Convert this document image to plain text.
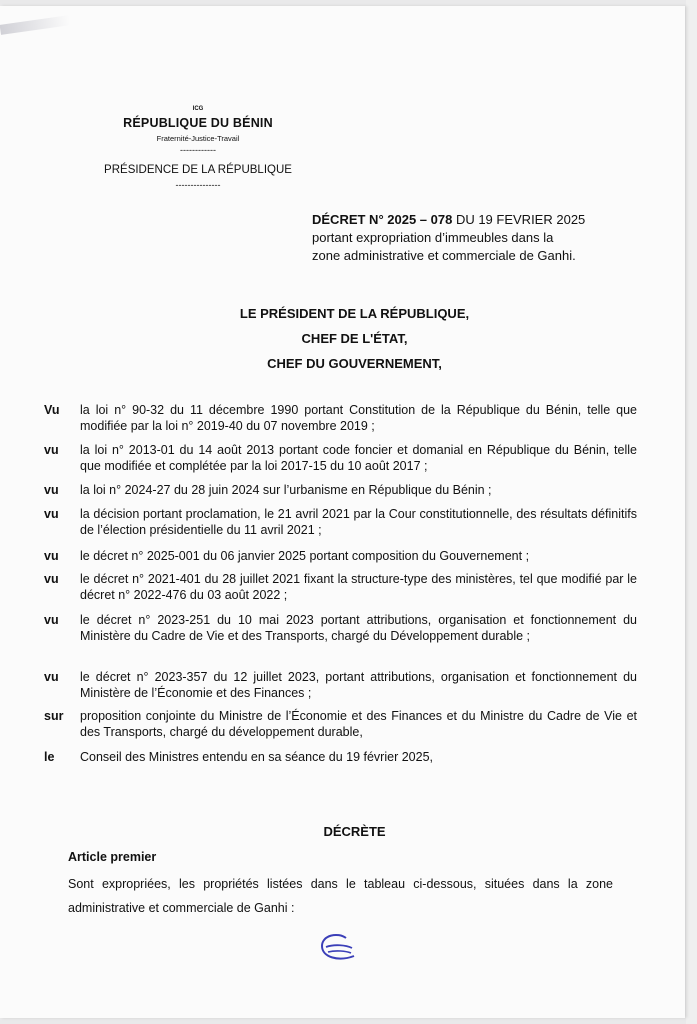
ICG
RÉPUBLIQUE DU BÉNIN
Fraternité-Justice-Travail
------------
PRÉSIDENCE DE LA RÉPUBLIQUE
---------------
DÉCRET N° 2025 – 078 DU 19 FEVRIER 2025
portant expropriation d’immeubles dans la
zone administrative et commerciale de Ganhi.
LE PRÉSIDENT DE LA RÉPUBLIQUE,
CHEF DE L'ÉTAT,
CHEF DU GOUVERNEMENT,
Vu	la loi n° 90-32 du 11 décembre 1990 portant Constitution de la République du Bénin, telle que modifiée par la loi n° 2019-40 du 07 novembre 2019 ;
vu	la loi n° 2013-01 du 14 août 2013 portant code foncier et domanial en République du Bénin, telle que modifiée et complétée par la loi 2017-15 du 10 août 2017 ;
vu	la loi n° 2024-27 du 28 juin 2024 sur l’urbanisme en République du Bénin ;
vu	la décision portant proclamation, le 21 avril 2021 par la Cour constitutionnelle, des résultats définitifs de l’élection présidentielle du 11 avril 2021 ;
vu	le décret n° 2025-001 du 06 janvier 2025 portant composition du Gouvernement ;
vu	le décret n° 2021-401 du 28 juillet 2021 fixant la structure-type des ministères, tel que modifié par le décret n° 2022-476 du 03 août 2022 ;
vu	le décret n° 2023-251 du 10 mai 2023 portant attributions, organisation et fonctionnement du Ministère du Cadre de Vie et des Transports, chargé du Développement durable ;
vu	le décret n° 2023-357 du 12 juillet 2023, portant attributions, organisation et fonctionnement du Ministère de l’Économie et des Finances ;
sur	proposition conjointe du Ministre de l’Économie et des Finances et du Ministre du Cadre de Vie et des Transports, chargé du développement durable,
le	Conseil des Ministres entendu en sa séance du 19 février 2025,
DÉCRÈTE
Article premier
Sont expropriées, les propriétés listées dans le tableau ci-dessous, situées dans la zone administrative et commerciale de Ganhi :
